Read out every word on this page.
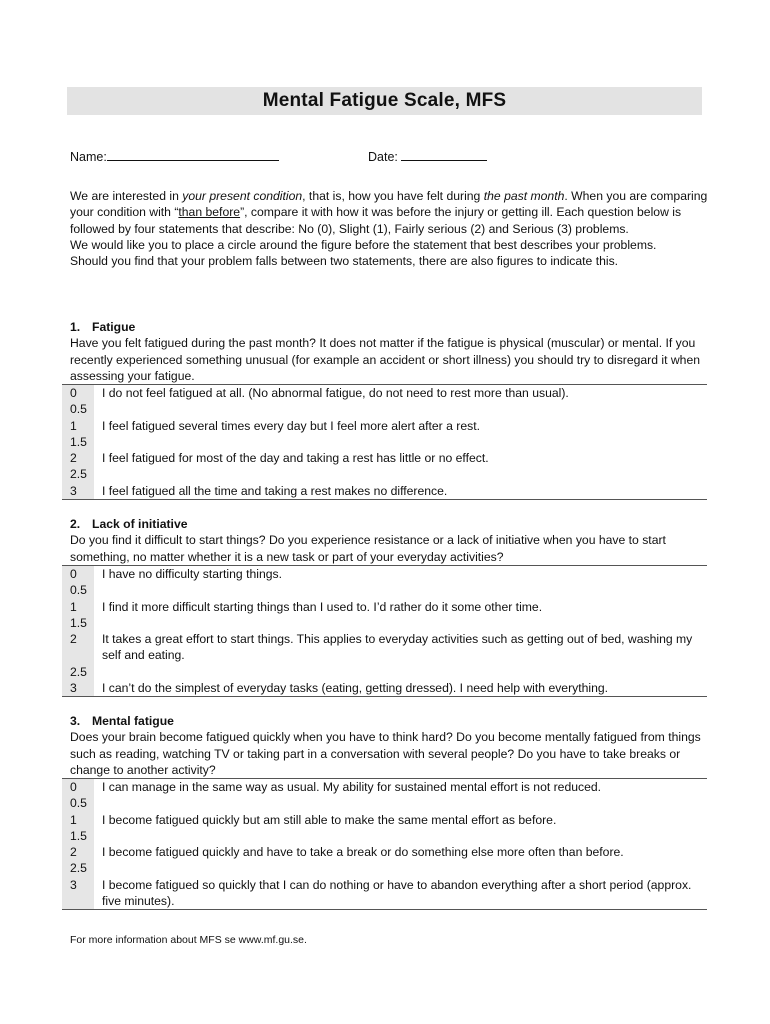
Mental Fatigue Scale, MFS
Name:	Date:

We are interested in your present condition, that is, how you have felt during the past month. When you are comparing your condition with “than before”, compare it with how it was before the injury or getting ill. Each question below is followed by four statements that describe: No (0), Slight (1), Fairly serious (2) and Serious (3) problems.

We would like you to place a circle around the figure before the statement that best describes your problems.

Should you find that your problem falls between two statements, there are also figures to indicate this.

1. Fatigue
Have you felt fatigued during the past month? It does not matter if the fatigue is physical (muscular) or mental. If you recently experienced something unusual (for example an accident or short illness) you should try to disregard it when assessing your fatigue.
0	I do not feel fatigued at all. (No abnormal fatigue, do not need to rest more than usual).
0.5
1	I feel fatigued several times every day but I feel more alert after a rest.
1.5
2	I feel fatigued for most of the day and taking a rest has little or no effect.
2.5
3	I feel fatigued all the time and taking a rest makes no difference.
2. Lack of initiative
Do you find it difficult to start things? Do you experience resistance or a lack of initiative when you have to start something, no matter whether it is a new task or part of your everyday activities?
0	I have no difficulty starting things.
0.5
1	I find it more difficult starting things than I used to. I’d rather do it some other time.
1.5
2	It takes a great effort to start things. This applies to everyday activities such as getting out of bed, washing my self and eating.
2.5
3	I can’t do the simplest of everyday tasks (eating, getting dressed). I need help with everything.
3. Mental fatigue
Does your brain become fatigued quickly when you have to think hard? Do you become mentally fatigued from things such as reading, watching TV or taking part in a conversation with several people? Do you have to take breaks or change to another activity?
0	I can manage in the same way as usual. My ability for sustained mental effort is not reduced.
0.5
1	I become fatigued quickly but am still able to make the same mental effort as before.
1.5
2	I become fatigued quickly and have to take a break or do something else more often than before.
2.5
3	I become fatigued so quickly that I can do nothing or have to abandon everything after a short period (approx. five minutes).
For more information about MFS se www.mf.gu.se.
